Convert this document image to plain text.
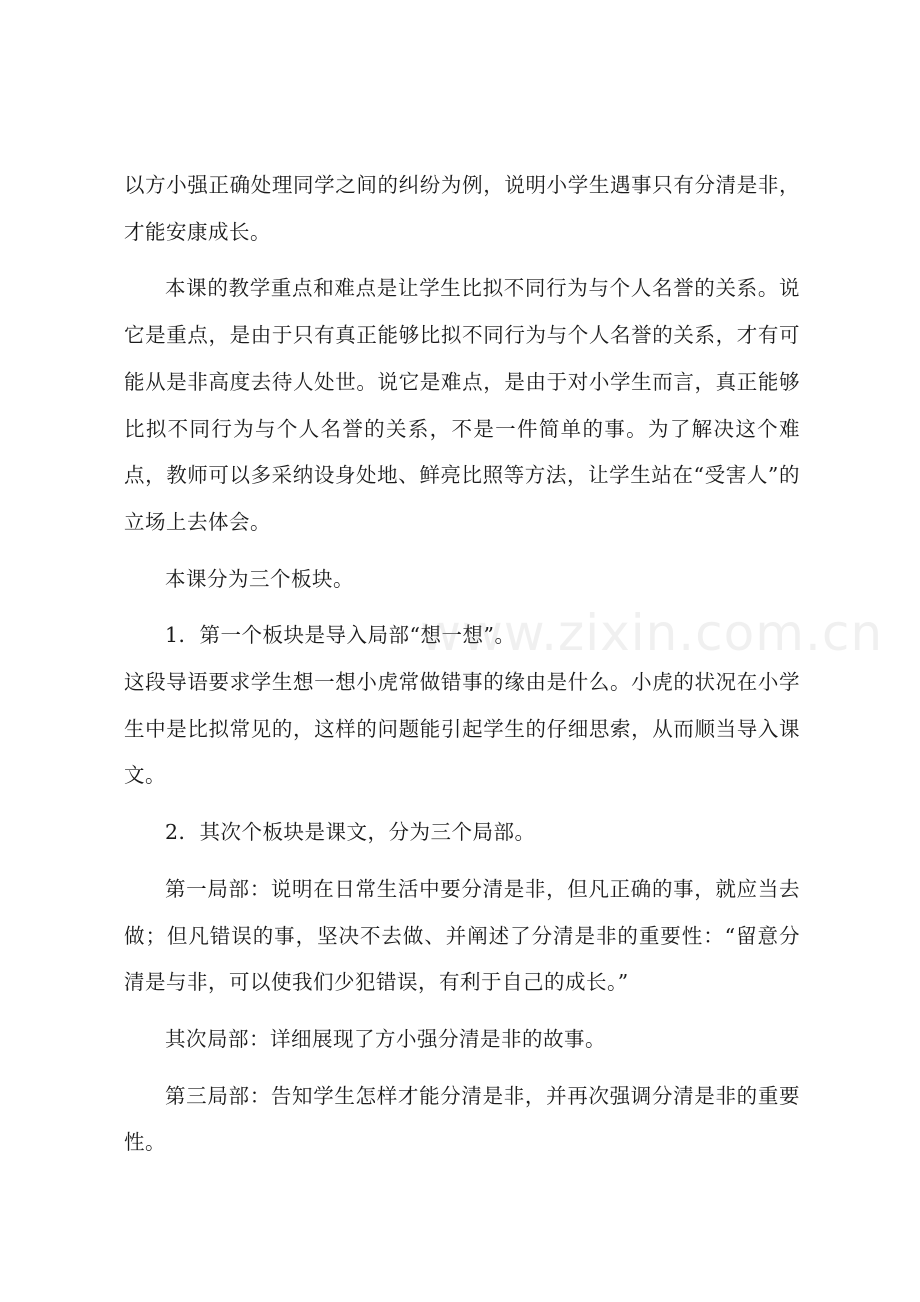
以方小强正确处理同学之间的纠纷为例，说明小学生遇事只有分清是非，才能安康成长。

本课的教学重点和难点是让学生比拟不同行为与个人名誉的关系。说它是重点，是由于只有真正能够比拟不同行为与个人名誉的关系，才有可能从是非高度去待人处世。说它是难点，是由于对小学生而言，真正能够比拟不同行为与个人名誉的关系，不是一件简单的事。为了解决这个难点，教师可以多采纳设身处地、鲜亮比照等方法，让学生站在“受害人”的立场上去体会。

本课分为三个板块。

1．第一个板块是导入局部“想一想”。

这段导语要求学生想一想小虎常做错事的缘由是什么。小虎的状况在小学生中是比拟常见的，这样的问题能引起学生的仔细思索，从而顺当导入课文。

2．其次个板块是课文，分为三个局部。

第一局部：说明在日常生活中要分清是非，但凡正确的事，就应当去做；但凡错误的事，坚决不去做、并阐述了分清是非的重要性：“留意分清是与非，可以使我们少犯错误，有利于自己的成长。”

其次局部：详细展现了方小强分清是非的故事。

第三局部：告知学生怎样才能分清是非，并再次强调分清是非的重要性。

www.zixin.com.cn
